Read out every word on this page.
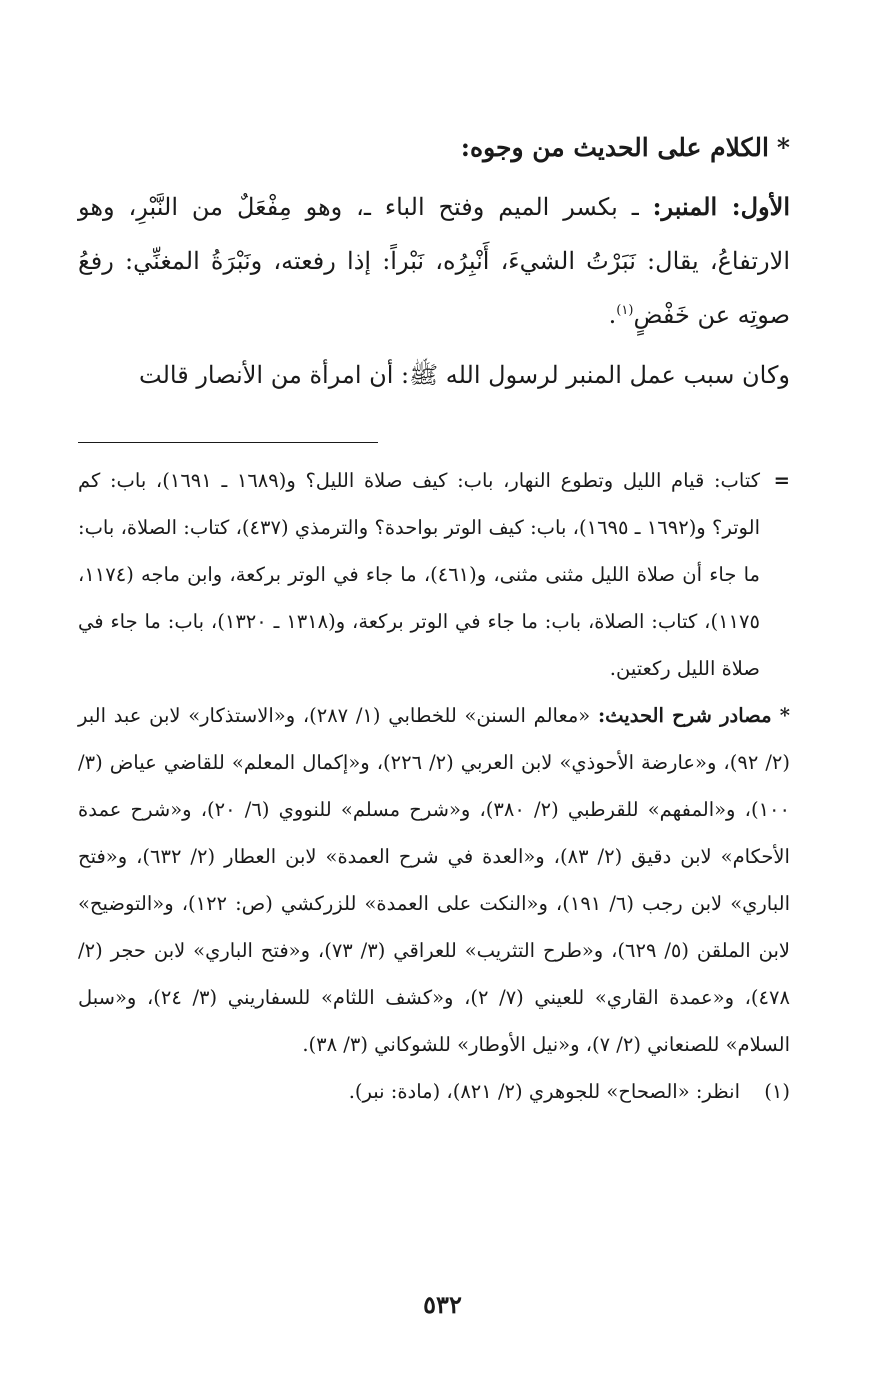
*الكلام على الحديث من وجوه:

الأول: المنبر: ـ بكسر الميم وفتح الباء ـ، وهو مِفْعَلٌ من النَّبْرِ، وهو الارتفاعُ، يقال: نَبَرْتُ الشيءَ، أَنْبِرُه، نَبْراً: إذا رفعته، ونَبْرَةُ المغنِّي: رفعُ صوتِه عن خَفْضٍ$^{(١)}$.

وكان سبب عمل المنبر لرسول الله ﷺ: أن امرأة من الأنصار قالت

=
كتاب: قيام الليل وتطوع النهار، باب: كيف صلاة الليل؟ و(١٦٨٩ ـ ١٦٩١)، باب: كم الوتر؟ و(١٦٩٢ ـ ١٦٩٥)، باب: كيف الوتر بواحدة؟ والترمذي (٤٣٧)، كتاب: الصلاة، باب: ما جاء أن صلاة الليل مثنى مثنى، و(٤٦١)، ما جاء في الوتر بركعة، وابن ماجه (١١٧٤، ١١٧٥)، كتاب: الصلاة، باب: ما جاء في الوتر بركعة، و(١٣١٨ ـ ١٣٢٠)، باب: ما جاء في صلاة الليل ركعتين.

* مصادر شرح الحديث: «معالم السنن» للخطابي (١/ ٢٨٧)، و«الاستذكار» لابن عبد البر (٢/ ٩٢)، و«عارضة الأحوذي» لابن العربي (٢/ ٢٢٦)، و«إكمال المعلم» للقاضي عياض (٣/ ١٠٠)، و«المفهم» للقرطبي (٢/ ٣٨٠)، و«شرح مسلم» للنووي (٦/ ٢٠)، و«شرح عمدة الأحكام» لابن دقيق (٢/ ٨٣)، و«العدة في شرح العمدة» لابن العطار (٢/ ٦٣٢)، و«فتح الباري» لابن رجب (٦/ ١٩١)، و«النكت على العمدة» للزركشي (ص: ١٢٢)، و«التوضيح» لابن الملقن (٥/ ٦٢٩)، و«طرح التثريب» للعراقي (٣/ ٧٣)، و«فتح الباري» لابن حجر (٢/ ٤٧٨)، و«عمدة القاري» للعيني (٧/ ٢)، و«كشف اللثام» للسفاريني (٣/ ٢٤)، و«سبل السلام» للصنعاني (٢/ ٧)، و«نيل الأوطار» للشوكاني (٣/ ٣٨).

(١)
انظر: «الصحاح» للجوهري (٢/ ٨٢١)، (مادة: نبر).
٥٣٢
